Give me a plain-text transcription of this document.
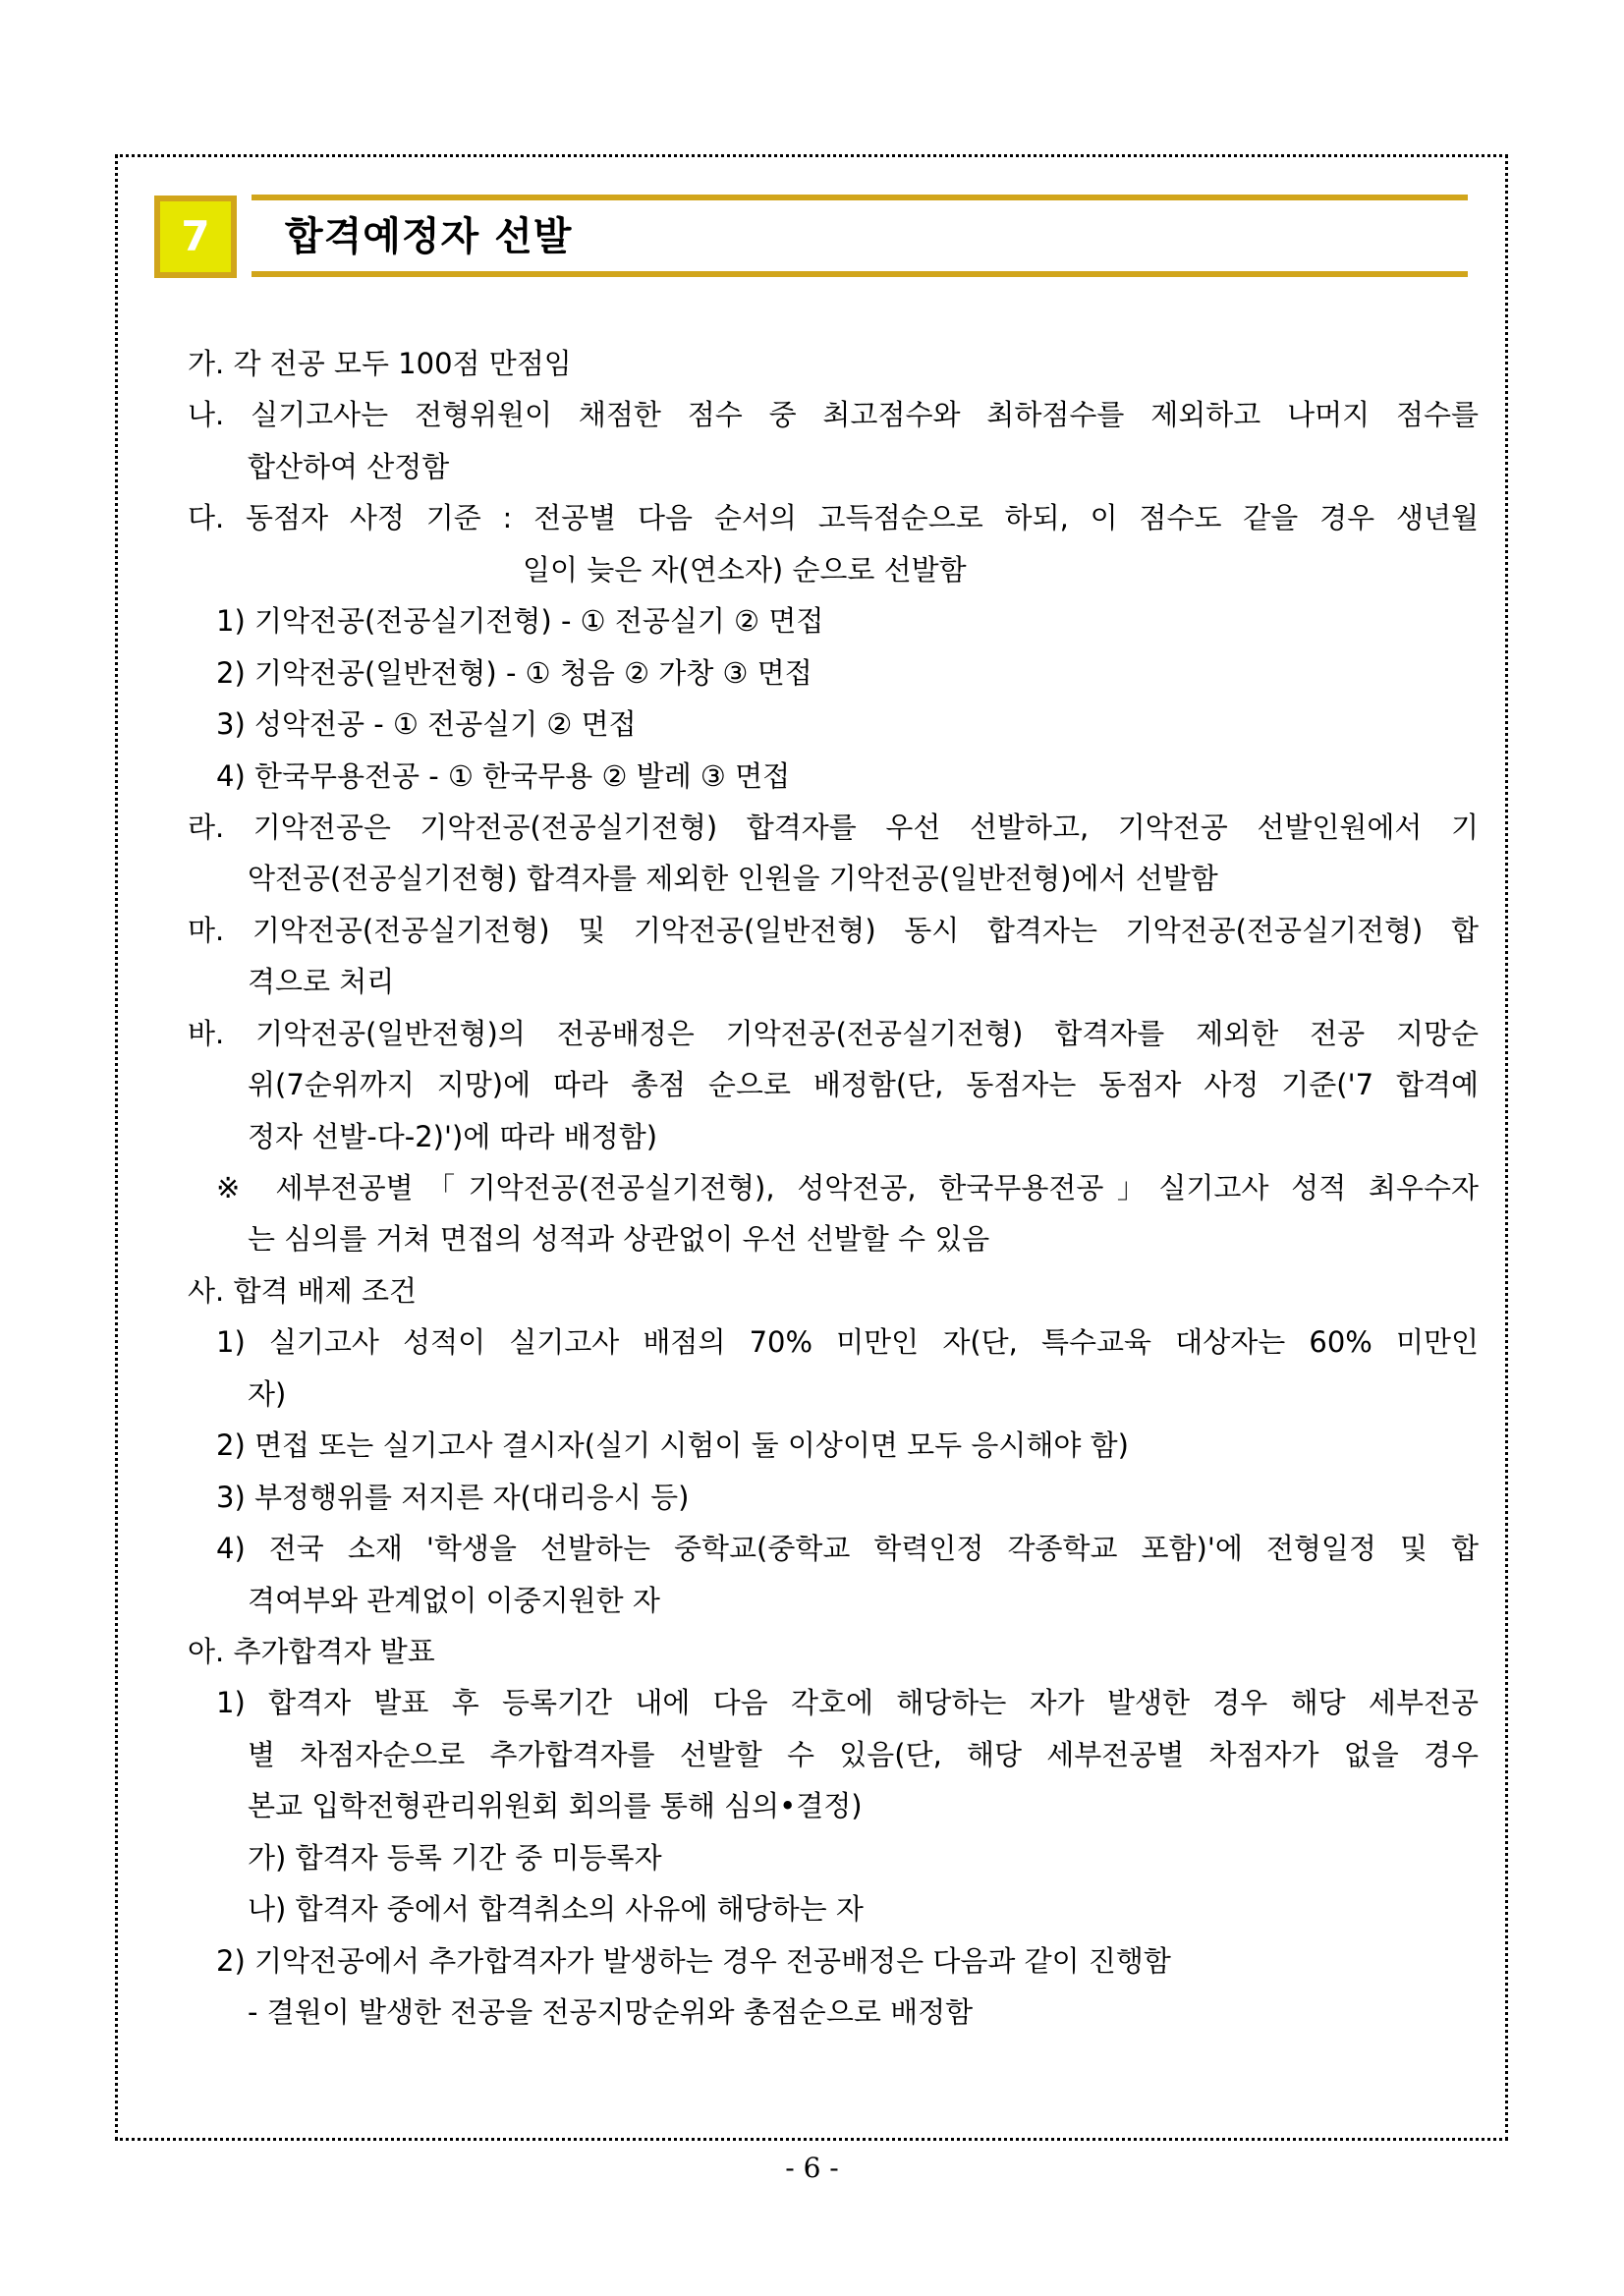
7	합격예정자 선발
가. 각 전공 모두 100점 만점임
나. 실기고사는 전형위원이 채점한 점수 중 최고점수와 최하점수를 제외하고 나머지 점수를
합산하여 산정함
다. 동점자 사정 기준 : 전공별 다음 순서의 고득점순으로 하되, 이 점수도 같을 경우 생년월
일이 늦은 자(연소자) 순으로 선발함
1) 기악전공(전공실기전형) - ① 전공실기 ② 면접
2) 기악전공(일반전형) - ① 청음 ② 가창 ③ 면접
3) 성악전공 - ① 전공실기 ② 면접
4) 한국무용전공 - ① 한국무용 ② 발레 ③ 면접
라. 기악전공은 기악전공(전공실기전형) 합격자를 우선 선발하고, 기악전공 선발인원에서 기
악전공(전공실기전형) 합격자를 제외한 인원을 기악전공(일반전형)에서 선발함
마. 기악전공(전공실기전형) 및 기악전공(일반전형) 동시 합격자는 기악전공(전공실기전형) 합
격으로 처리
바. 기악전공(일반전형)의 전공배정은 기악전공(전공실기전형) 합격자를 제외한 전공 지망순
위(7순위까지 지망)에 따라 총점 순으로 배정함(단, 동점자는 동점자 사정 기준('7 합격예
정자 선발-다-2)')에 따라 배정함)
※ 세부전공별「기악전공(전공실기전형), 성악전공, 한국무용전공」실기고사 성적 최우수자
는 심의를 거쳐 면접의 성적과 상관없이 우선 선발할 수 있음
사. 합격 배제 조건
1) 실기고사 성적이 실기고사 배점의 70% 미만인 자(단, 특수교육 대상자는 60% 미만인
자)
2) 면접 또는 실기고사 결시자(실기 시험이 둘 이상이면 모두 응시해야 함)
3) 부정행위를 저지른 자(대리응시 등)
4) 전국 소재 '학생을 선발하는 중학교(중학교 학력인정 각종학교 포함)'에 전형일정 및 합
격여부와 관계없이 이중지원한 자
아. 추가합격자 발표
1) 합격자 발표 후 등록기간 내에 다음 각호에 해당하는 자가 발생한 경우 해당 세부전공
별 차점자순으로 추가합격자를 선발할 수 있음(단, 해당 세부전공별 차점자가 없을 경우
본교 입학전형관리위원회 회의를 통해 심의•결정)
가) 합격자 등록 기간 중 미등록자
나) 합격자 중에서 합격취소의 사유에 해당하는 자
2) 기악전공에서 추가합격자가 발생하는 경우 전공배정은 다음과 같이 진행함
- 결원이 발생한 전공을 전공지망순위와 총점순으로 배정함
- 6 -
